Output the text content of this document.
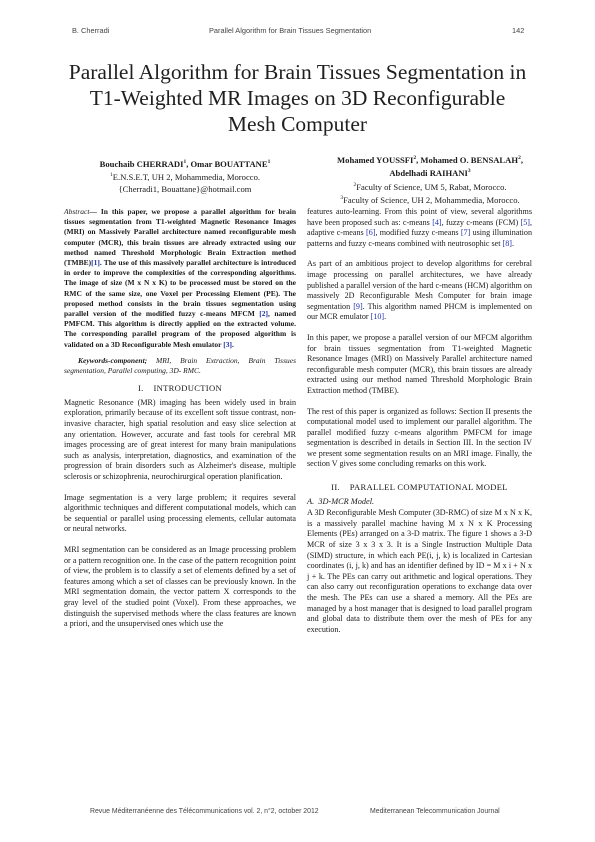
B. Cherradi	Parallel Algorithm for Brain Tissues Segmentation	142
Parallel Algorithm for Brain Tissues Segmentation in
T1-Weighted MR Images on 3D Reconfigurable
Mesh Computer
Bouchaib CHERRADI$^1$, Omar BOUATTANE$^1$
$^1$E.N.S.E.T, UH 2, Mohammedia, Morocco.
{Cherradi1, Bouattane}@hotmail.com
Mohamed YOUSSFI$^2$, Mohamed O. BENSALAH$^2$,
Abdelhadi RAIHANI$^3$
$^2$Faculty of Science, UM 5, Rabat, Morocco.
$^3$Faculty of Science, UH 2, Mohammedia, Morocco.

Abstract— In this paper, we propose a parallel algorithm for brain tissues segmentation from T1-weighted Magnetic Resonance Images (MRI) on Massively Parallel architecture named reconfigurable mesh computer (MCR), this brain tissues are already extracted using our method named Threshold Morphologic Brain Extraction method (TMBE)[1]. The use of this massively parallel architecture is introduced in order to improve the complexities of the corresponding algorithms. The image of size (M x N x K) to be processed must be stored on the RMC of the same size, one Voxel per Processing Element (PE). The proposed method consists in the brain tissues segmentation using parallel version of the modified fuzzy c-means MFCM [2], named PMFCM. This algorithm is directly applied on the extracted volume. The corresponding parallel program of the proposed algorithm is validated on a 3D Reconfigurable Mesh emulator [3].

Keywords-component; MRI, Brain Extraction, Brain Tissues segmentation, Parallel computing, 3D- RMC.

I. INTRODUCTION

Magnetic Resonance (MR) imaging has been widely used in brain exploration, primarily because of its excellent soft tissue contrast, non-invasive character, high spatial resolution and easy slice selection at any orientation. However, accurate and fast tools for cerebral MR images processing are of great interest for many brain manipulations such as analysis, interpretation, diagnostics, and examination of the progression of brain disorders such as Alzheimer's disease, multiple sclerosis or schizophrenia, neurochirurgical operation planification.

Image segmentation is a very large problem; it requires several algorithmic techniques and different computational models, which can be sequential or parallel using processing elements, cellular automata or neural networks.

MRI segmentation can be considered as an Image processing problem or a pattern recognition one. In the case of the pattern recognition point of view, the problem is to classify a set of elements defined by a set of features among which a set of classes can be previously known. In the MRI segmentation domain, the vector pattern X corresponds to the gray level of the studied point (Voxel). From these approaches, we distinguish the supervised methods where the class features are known a priori, and the unsupervised ones which use the

features auto-learning. From this point of view, several algorithms have been proposed such as: c-means [4], fuzzy c-means (FCM) [5], adaptive c-means [6], modified fuzzy c-means [7] using illumination patterns and fuzzy c-means combined with neutrosophic set [8].

As part of an ambitious project to develop algorithms for cerebral image processing on parallel architectures, we have already published a parallel version of the hard c-means (HCM) algorithm on massively 2D Reconfigurable Mesh Computer for brain image segmentation [9]. This algorithm named PHCM is implemented on our MCR emulator [10].

In this paper, we propose a parallel version of our MFCM algorithm for brain tissues segmentation from T1-weighted Magnetic Resonance Images (MRI) on Massively Parallel architecture named reconfigurable mesh computer (MCR), this brain tissues are already extracted using our method named Threshold Morphologic Brain Extraction method (TMBE).

The rest of this paper is organized as follows: Section II presents the computational model used to implement our parallel algorithm. The parallel modified fuzzy c-means algorithm PMFCM for image segmentation is described in details in Section III. In the section IV we present some segmentation results on an MRI image. Finally, the section V gives some concluding remarks on this work.

II. PARALLEL COMPUTATIONAL MODEL
A. 3D-MCR Model.

A 3D Reconfigurable Mesh Computer (3D-RMC) of size M x N x K, is a massively parallel machine having M x N x K Processing Elements (PEs) arranged on a 3-D matrix. The figure 1 shows a 3-D MCR of size 3 x 3 x 3. It is a Single Instruction Multiple Data (SIMD) structure, in which each PE(i, j, k) is localized in Cartesian coordinates (i, j, k) and has an identifier defined by ID = M x i + N x j + k. The PEs can carry out arithmetic and logical operations. They can also carry out reconfiguration operations to exchange data over the mesh. The PEs can use a shared a memory. All the PEs are managed by a host manager that is designed to load parallel program and global data to distribute them over the mesh of PEs for any execution.

Revue Méditerranéenne des Télécommunications vol. 2, n°2, october 2012	Mediterranean Telecommunication Journal
